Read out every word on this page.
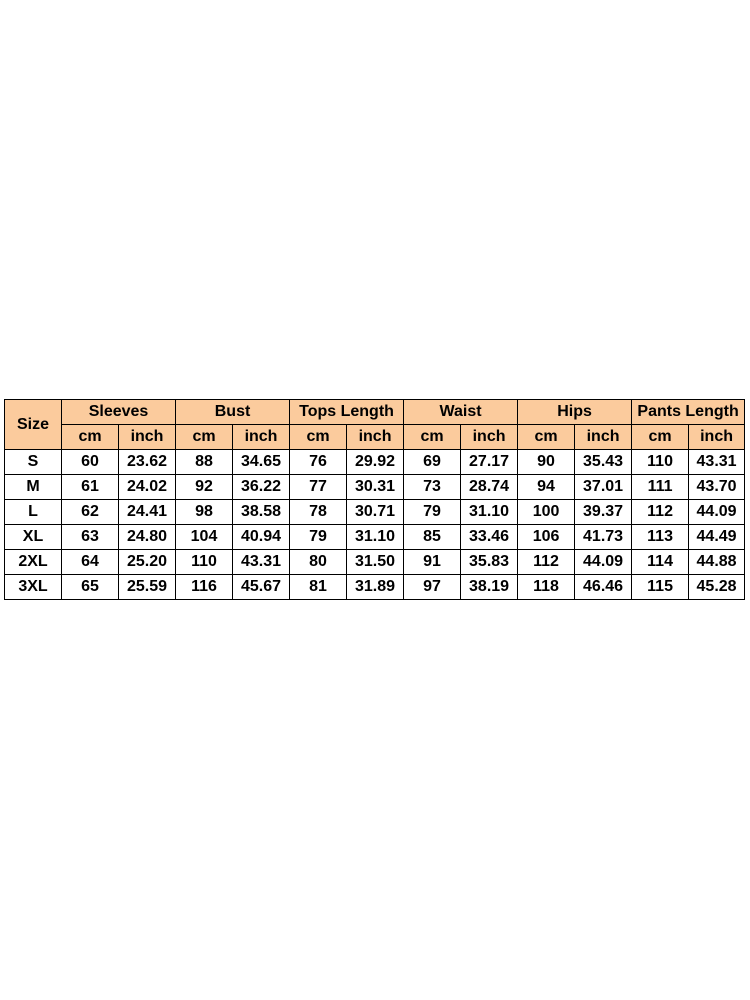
Size	Sleeves		Bust		Tops Length		Waist		Hips		Pants Length	
	cm	inch	cm	inch	cm	inch	cm	inch	cm	inch	cm	inch
S	60	23.62	88	34.65	76	29.92	69	27.17	90	35.43	110	43.31
M	61	24.02	92	36.22	77	30.31	73	28.74	94	37.01	111	43.70
L	62	24.41	98	38.58	78	30.71	79	31.10	100	39.37	112	44.09
XL	63	24.80	104	40.94	79	31.10	85	33.46	106	41.73	113	44.49
2XL	64	25.20	110	43.31	80	31.50	91	35.83	112	44.09	114	44.88
3XL	65	25.59	116	45.67	81	31.89	97	38.19	118	46.46	115	45.28
